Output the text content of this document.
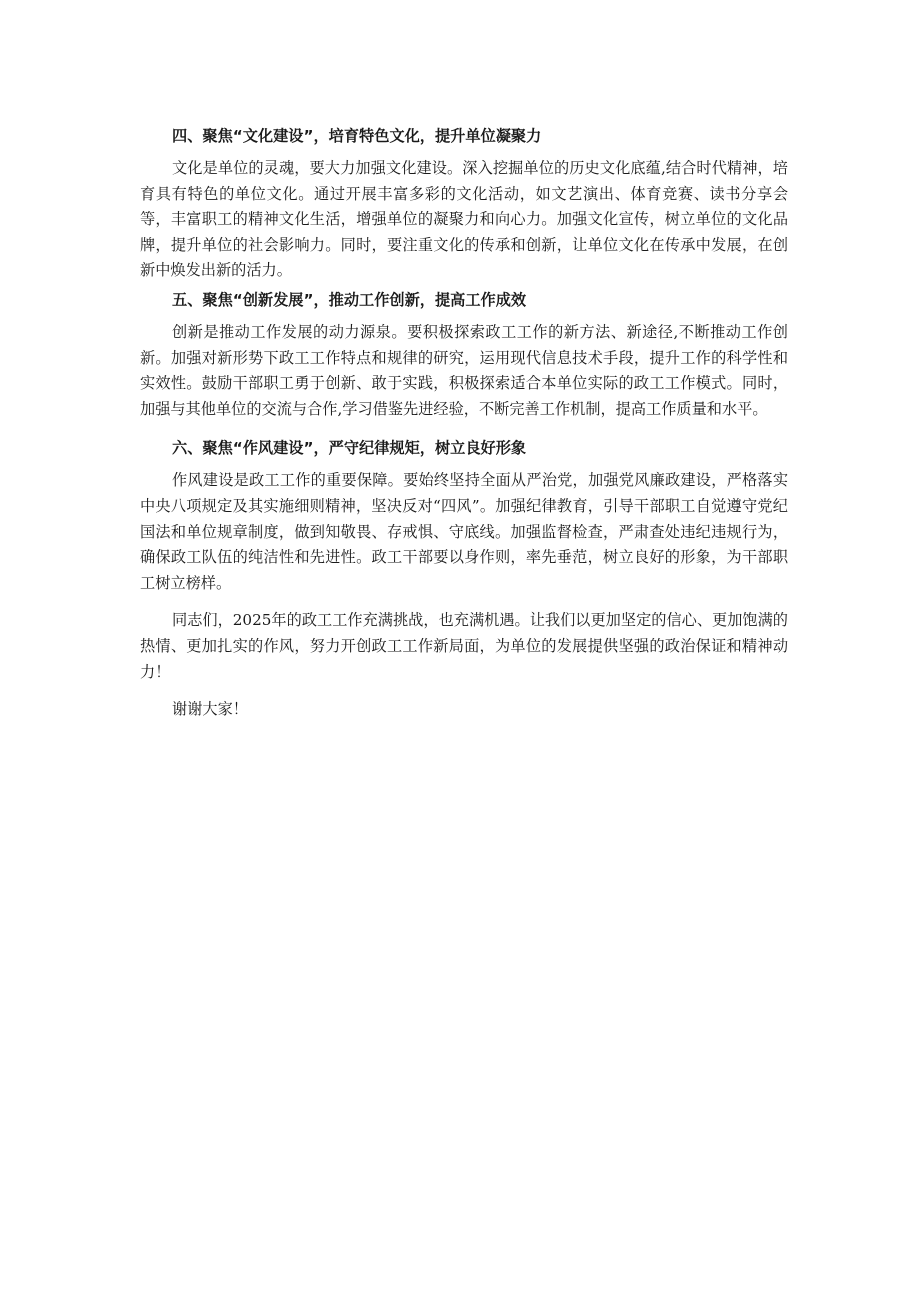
四、聚焦“文化建设”，培育特色文化，提升单位凝聚力

文化是单位的灵魂，要大力加强文化建设。深入挖掘单位的历史文化底蕴,结合时代精神，培育具有特色的单位文化。通过开展丰富多彩的文化活动，如文艺演出、体育竞赛、读书分享会等，丰富职工的精神文化生活，增强单位的凝聚力和向心力。加强文化宣传，树立单位的文化品牌，提升单位的社会影响力。同时，要注重文化的传承和创新，让单位文化在传承中发展，在创新中焕发出新的活力。

五、聚焦“创新发展”，推动工作创新，提高工作成效

创新是推动工作发展的动力源泉。要积极探索政工工作的新方法、新途径,不断推动工作创新。加强对新形势下政工工作特点和规律的研究，运用现代信息技术手段，提升工作的科学性和实效性。鼓励干部职工勇于创新、敢于实践，积极探索适合本单位实际的政工工作模式。同时，加强与其他单位的交流与合作,学习借鉴先进经验，不断完善工作机制，提高工作质量和水平。

六、聚焦“作风建设”，严守纪律规矩，树立良好形象

作风建设是政工工作的重要保障。要始终坚持全面从严治党，加强党风廉政建设，严格落实中央八项规定及其实施细则精神，坚决反对“四风”。加强纪律教育，引导干部职工自觉遵守党纪国法和单位规章制度，做到知敬畏、存戒惧、守底线。加强监督检查，严肃查处违纪违规行为，确保政工队伍的纯洁性和先进性。政工干部要以身作则，率先垂范，树立良好的形象，为干部职工树立榜样。

同志们，2025年的政工工作充满挑战，也充满机遇。让我们以更加坚定的信心、更加饱满的热情、更加扎实的作风，努力开创政工工作新局面，为单位的发展提供坚强的政治保证和精神动力！

谢谢大家！
